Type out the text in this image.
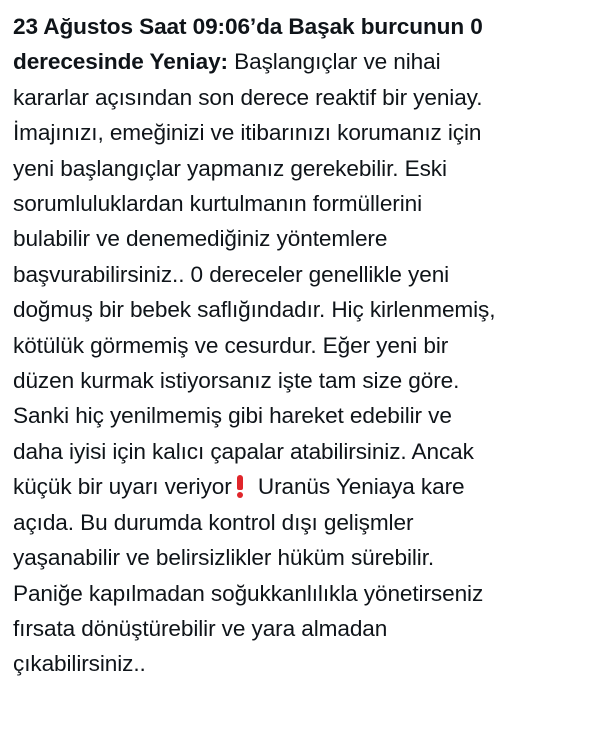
23 Ağustos Saat 09:06’da Başak burcunun 0
derecesinde Yeniay: Başlangıçlar ve nihai
kararlar açısından son derece reaktif bir yeniay.
İmajınızı, emeğinizi ve itibarınızı korumanız için
yeni başlangıçlar yapmanız gerekebilir. Eski
sorumluluklardan kurtulmanın formüllerini
bulabilir ve denemediğiniz yöntemlere
başvurabilirsiniz.. 0 dereceler genellikle yeni
doğmuş bir bebek saflığındadır. Hiç kirlenmemiş,
kötülük görmemiş ve cesurdur. Eğer yeni bir
düzen kurmak istiyorsanız işte tam size göre.
Sanki hiç yenilmemiş gibi hareket edebilir ve
daha iyisi için kalıcı çapalar atabilirsiniz. Ancak
küçük bir uyarı veriyor
Uranüs Yeniaya kare
açıda. Bu durumda kontrol dışı gelişmler
yaşanabilir ve belirsizlikler hüküm sürebilir.
Paniğe kapılmadan soğukkanlılıkla yönetirseniz
fırsata dönüştürebilir ve yara almadan
çıkabilirsiniz..
